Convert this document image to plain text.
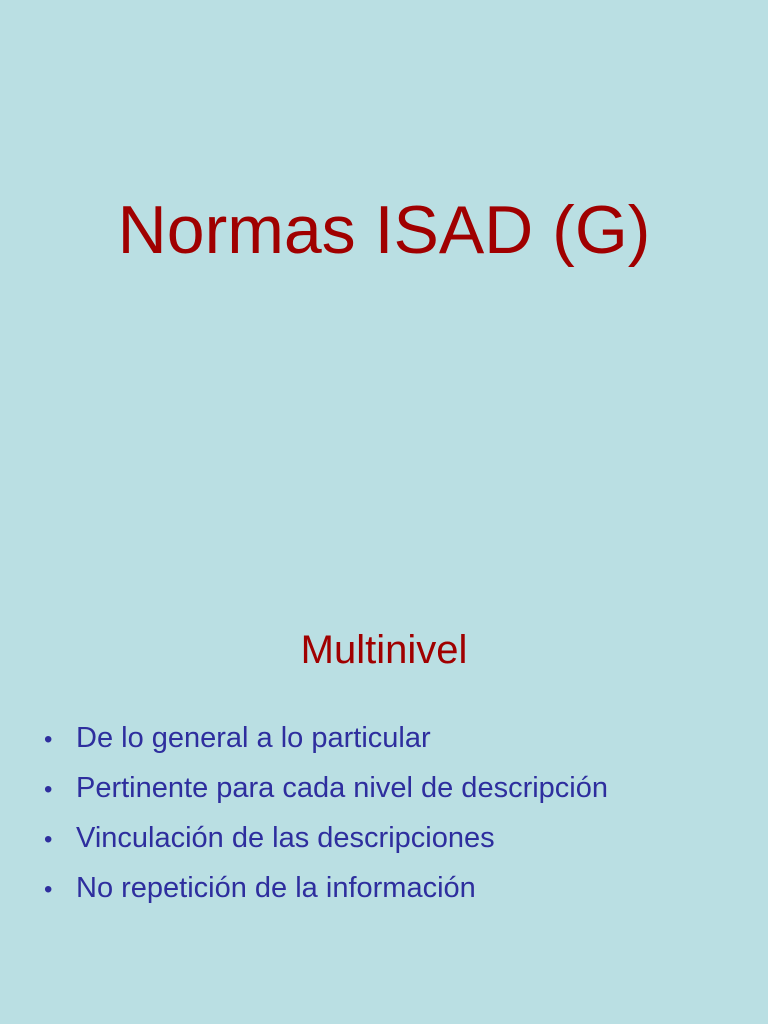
Normas ISAD (G)
Multinivel
• De lo general a lo particular
• Pertinente para cada nivel de descripción
• Vinculación de las descripciones
• No repetición de la información
